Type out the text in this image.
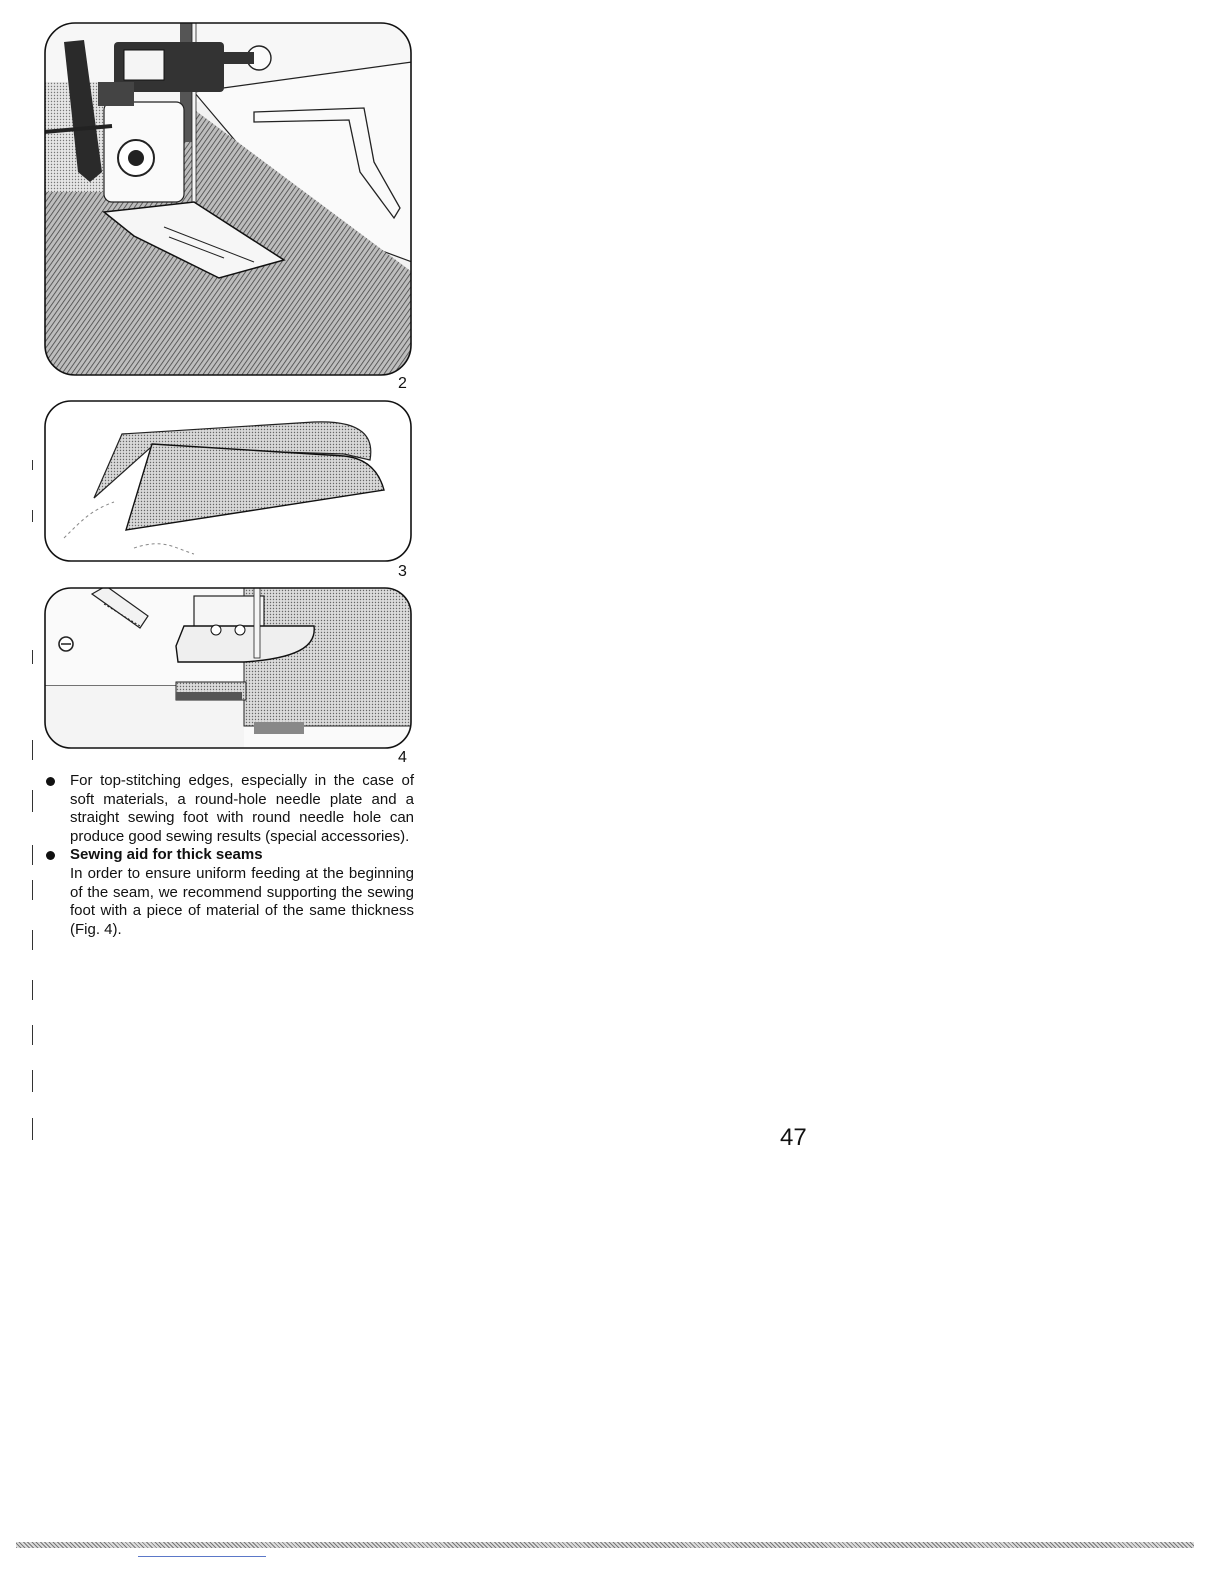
2
3
4

For top-stitching edges, especially in the case of soft materials, a round-hole needle plate and a straight sewing foot with round needle hole can produce good sewing results (special accessories).

Sewing aid for thick seams

In order to ensure uniform feeding at the beginning of the seam, we recommend supporting the sewing foot with a piece of material of the same thickness (Fig. 4).

47
